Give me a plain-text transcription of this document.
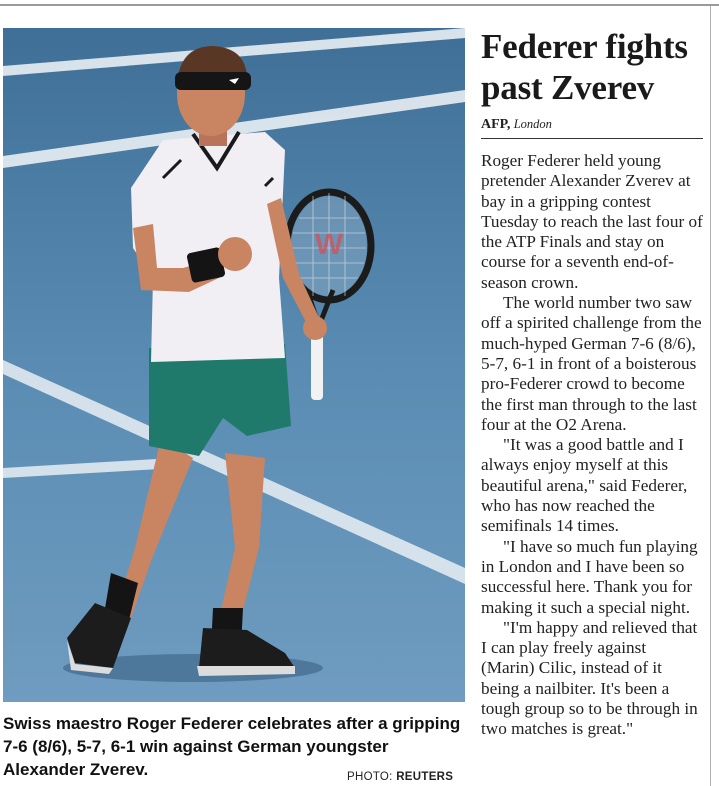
W
Swiss maestro Roger Federer celebrates after a gripping 7-6 (8/6), 5-7, 6-1 win against German youngster Alexander Zverev.	PHOTO: REUTERS
Federer fights past Zverev
AFP, London

Roger Federer held young pretender Alexander Zverev at bay in a gripping contest Tuesday to reach the last four of the ATP Finals and stay on course for a seventh end-of-season crown.

The world number two saw off a spirited challenge from the much-hyped German 7-6 (8/6), 5-7, 6-1 in front of a boisterous pro-Federer crowd to become the first man through to the last four at the O2 Arena.

"It was a good battle and I always enjoy myself at this beautiful arena," said Federer, who has now reached the semifinals 14 times.

"I have so much fun playing in London and I have been so successful here. Thank you for making it such a special night.

"I'm happy and relieved that I can play freely against (Marin) Cilic, instead of it being a nailbiter. It's been a tough group so to be through in two matches is great."
